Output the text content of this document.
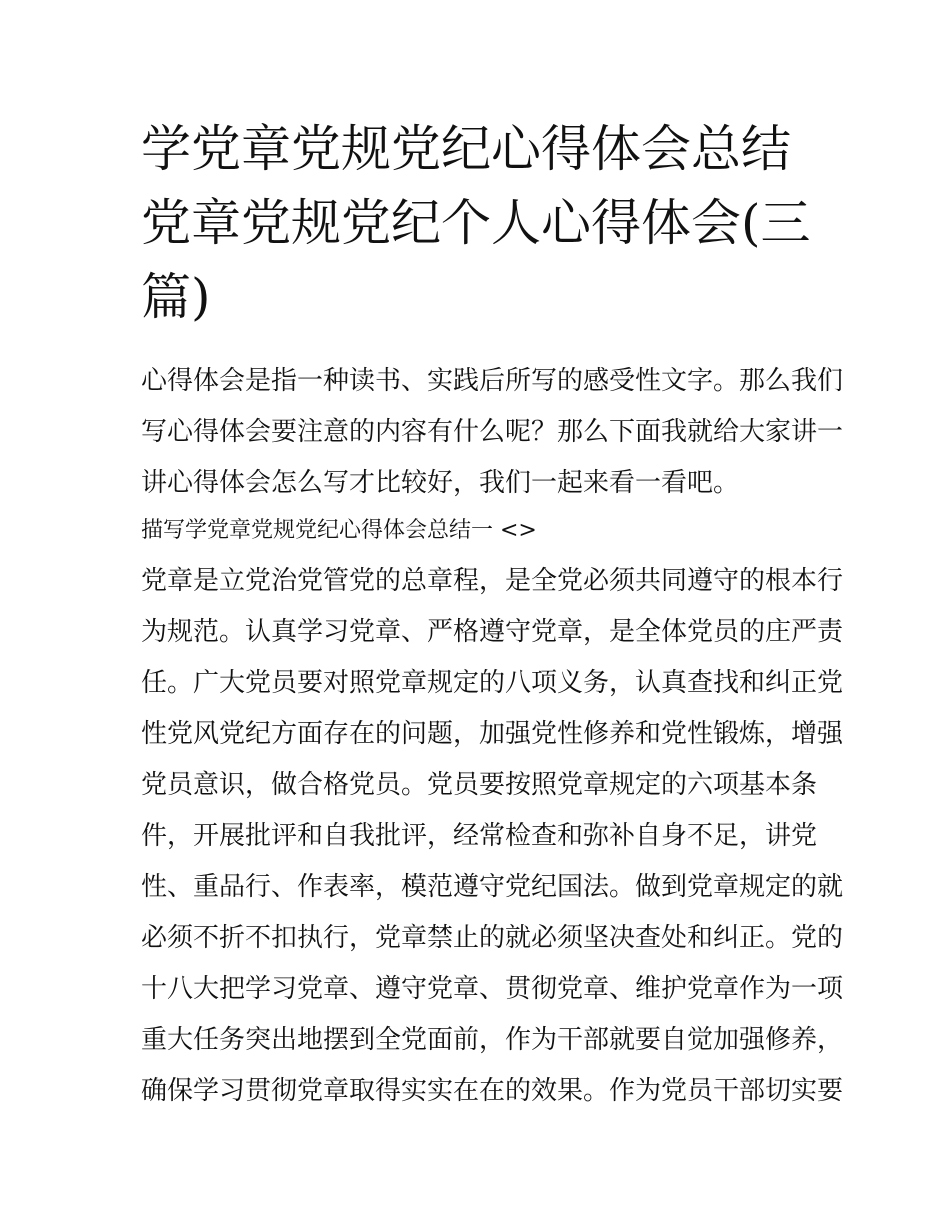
学党章党规党纪心得体会总结
党章党规党纪个人心得体会(三
篇)
心得体会是指一种读书、实践后所写的感受性文字。那么我们
写心得体会要注意的内容有什么呢？那么下面我就给大家讲一
讲心得体会怎么写才比较好，我们一起来看一看吧。
描写学党章党规党纪心得体会总结一 <>
党章是立党治党管党的总章程，是全党必须共同遵守的根本行
为规范。认真学习党章、严格遵守党章，是全体党员的庄严责
任。广大党员要对照党章规定的八项义务，认真查找和纠正党
性党风党纪方面存在的问题，加强党性修养和党性锻炼，增强
党员意识，做合格党员。党员要按照党章规定的六项基本条
件，开展批评和自我批评，经常检查和弥补自身不足，讲党
性、重品行、作表率，模范遵守党纪国法。做到党章规定的就
必须不折不扣执行，党章禁止的就必须坚决查处和纠正。党的
十八大把学习党章、遵守党章、贯彻党章、维护党章作为一项
重大任务突出地摆到全党面前，作为干部就要自觉加强修养，
确保学习贯彻党章取得实实在在的效果。作为党员干部切实要
